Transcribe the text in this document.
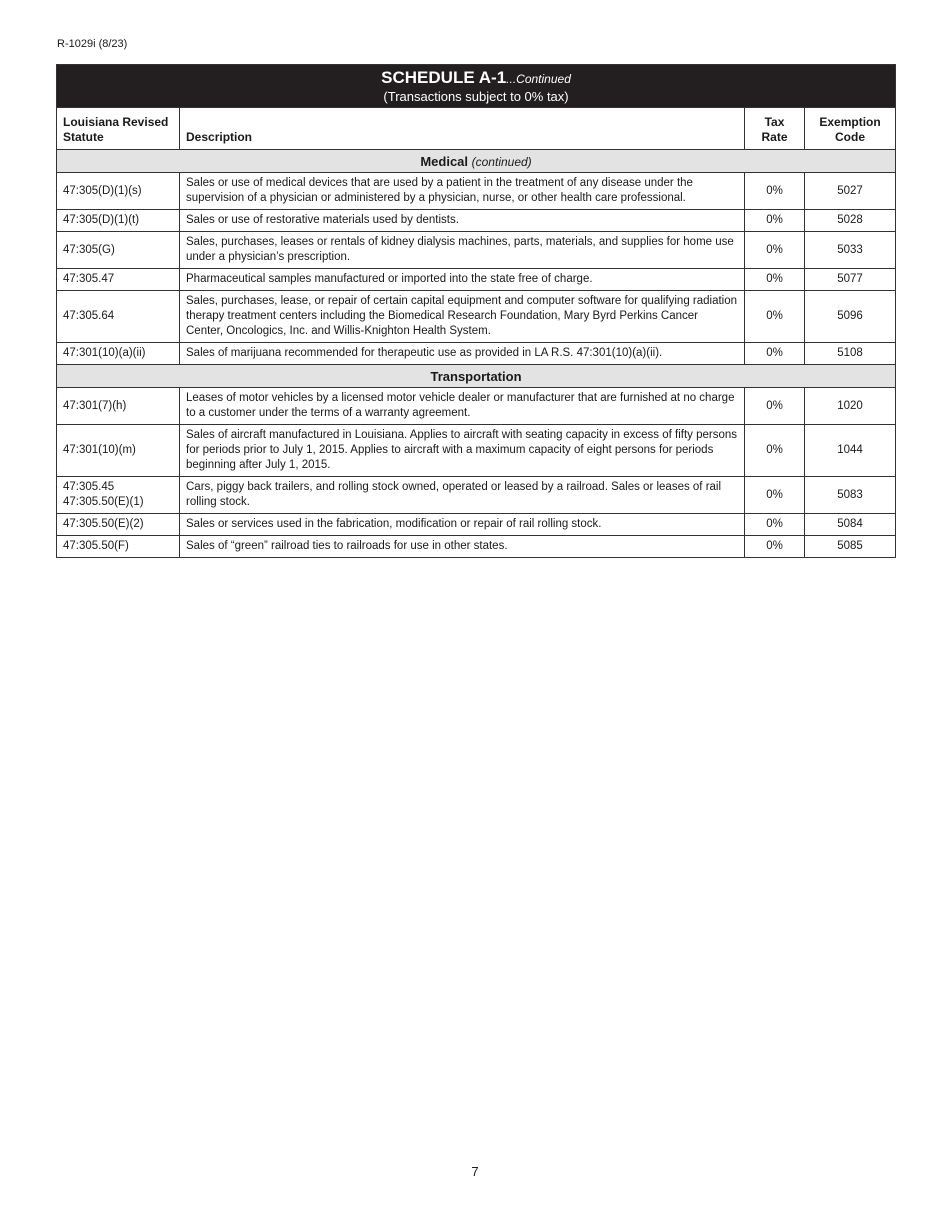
R-1029i (8/23)
SCHEDULE A-1...Continued
(Transactions subject to 0% tax)			

Louisiana Revised Statute	Description	Tax Rate	Exemption Code
Medical (continued)			

47:305(D)(1)(s)	Sales or use of medical devices that are used by a patient in the treatment of any disease under the supervision of a physician or administered by a physician, nurse, or other health care professional.	0%	5027

47:305(D)(1)(t)	Sales or use of restorative materials used by dentists.	0%	5028

47:305(G)	Sales, purchases, leases or rentals of kidney dialysis machines, parts, materials, and supplies for home use under a physician’s prescription.	0%	5033

47:305.47	Pharmaceutical samples manufactured or imported into the state free of charge.	0%	5077

47:305.64	Sales, purchases, lease, or repair of certain capital equipment and computer software for qualifying radiation therapy treatment centers including the Biomedical Research Foundation, Mary Byrd Perkins Cancer Center, Oncologics, Inc. and Willis-Knighton Health System.	0%	5096

47:301(10)(a)(ii)	Sales of marijuana recommended for therapeutic use as provided in LA R.S. 47:301(10)(a)(ii).	0%	5108
Transportation			

47:301(7)(h)	Leases of motor vehicles by a licensed motor vehicle dealer or manufacturer that are furnished at no charge to a customer under the terms of a warranty agreement.	0%	1020

47:301(10)(m)	Sales of aircraft manufactured in Louisiana. Applies to aircraft with seating capacity in excess of fifty persons for periods prior to July 1, 2015. Applies to aircraft with a maximum capacity of eight persons for periods beginning after July 1, 2015.	0%	1044

47:305.45
47:305.50(E)(1)	Cars, piggy back trailers, and rolling stock owned, operated or leased by a railroad. Sales or leases of rail rolling stock.	0%	5083

47:305.50(E)(2)	Sales or services used in the fabrication, modification or repair of rail rolling stock.	0%	5084

47:305.50(F)	Sales of “green” railroad ties to railroads for use in other states.	0%	5085
7
